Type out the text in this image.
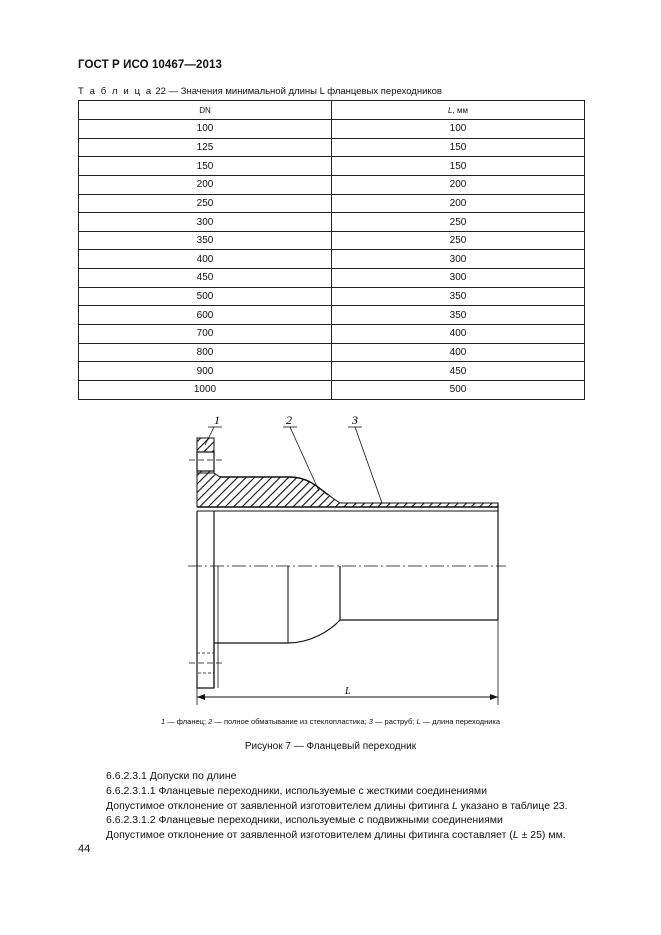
ГОСТ Р ИСО 10467—2013
Т а б л и ц а 22 — Значения минимальной длины L фланцевых переходников
DN	L, мм
100	100
125	150
150	150
200	200
250	200
300	250
350	250
400	300
450	300
500	350
600	350
700	400
800	400
900	450
1000	500
L
1	2	3
1 — фланец; 2 — полное обматывание из стеклопластика; 3 — раструб; L — длина переходника
Рисунок 7 — Фланцевый переходник
6.6.2.3.1 Допуски по длине
6.6.2.3.1.1 Фланцевые переходники, используемые с жесткими соединениями
Допустимое отклонение от заявленной изготовителем длины фитинга L указано в таблице 23.
6.6.2.3.1.2 Фланцевые переходники, используемые с подвижными соединениями
Допустимое отклонение от заявленной изготовителем длины фитинга составляет (L ± 25) мм.
44
